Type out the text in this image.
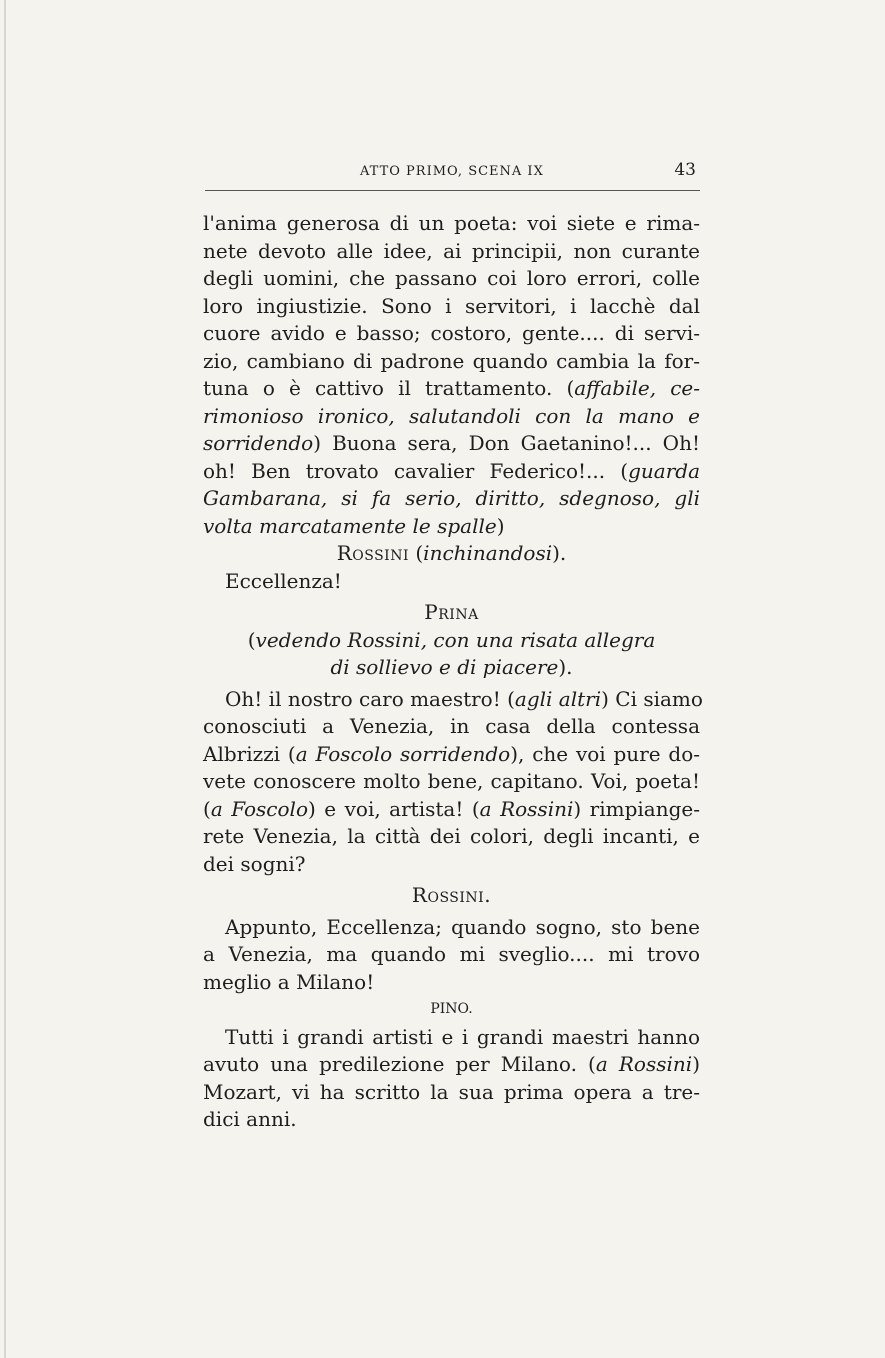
ATTO PRIMO, SCENA IX	43
l'anima generosa di un poeta: voi siete e rima-
nete devoto alle idee, ai principii, non curante
degli uomini, che passano coi loro errori, colle
loro ingiustizie. Sono i servitori, i lacchè dal
cuore avido e basso; costoro, gente.... di servi-
zio, cambiano di padrone quando cambia la for-
tuna o è cattivo il trattamento. (affabile, ce-
rimonioso ironico, salutandoli con la mano e
sorridendo) Buona sera, Don Gaetanino!... Oh!
oh! Ben trovato cavalier Federico!... (guarda
Gambarana, si fa serio, diritto, sdegnoso, gli
volta marcatamente le spalle)
Rossini (inchinandosi).
Eccellenza!
Prina
(vedendo Rossini, con una risata allegra
di sollievo e di piacere).
Oh! il nostro caro maestro! (agli altri) Ci siamo
conosciuti a Venezia, in casa della contessa
Albrizzi (a Foscolo sorridendo), che voi pure do-
vete conoscere molto bene, capitano. Voi, poeta!
(a Foscolo) e voi, artista! (a Rossini) rimpiange-
rete Venezia, la città dei colori, degli incanti, e
dei sogni?
Rossini.
Appunto, Eccellenza; quando sogno, sto bene
a Venezia, ma quando mi sveglio.... mi trovo
meglio a Milano!
PINO.
Tutti i grandi artisti e i grandi maestri hanno
avuto una predilezione per Milano. (a Rossini)
Mozart, vi ha scritto la sua prima opera a tre-
dici anni.
